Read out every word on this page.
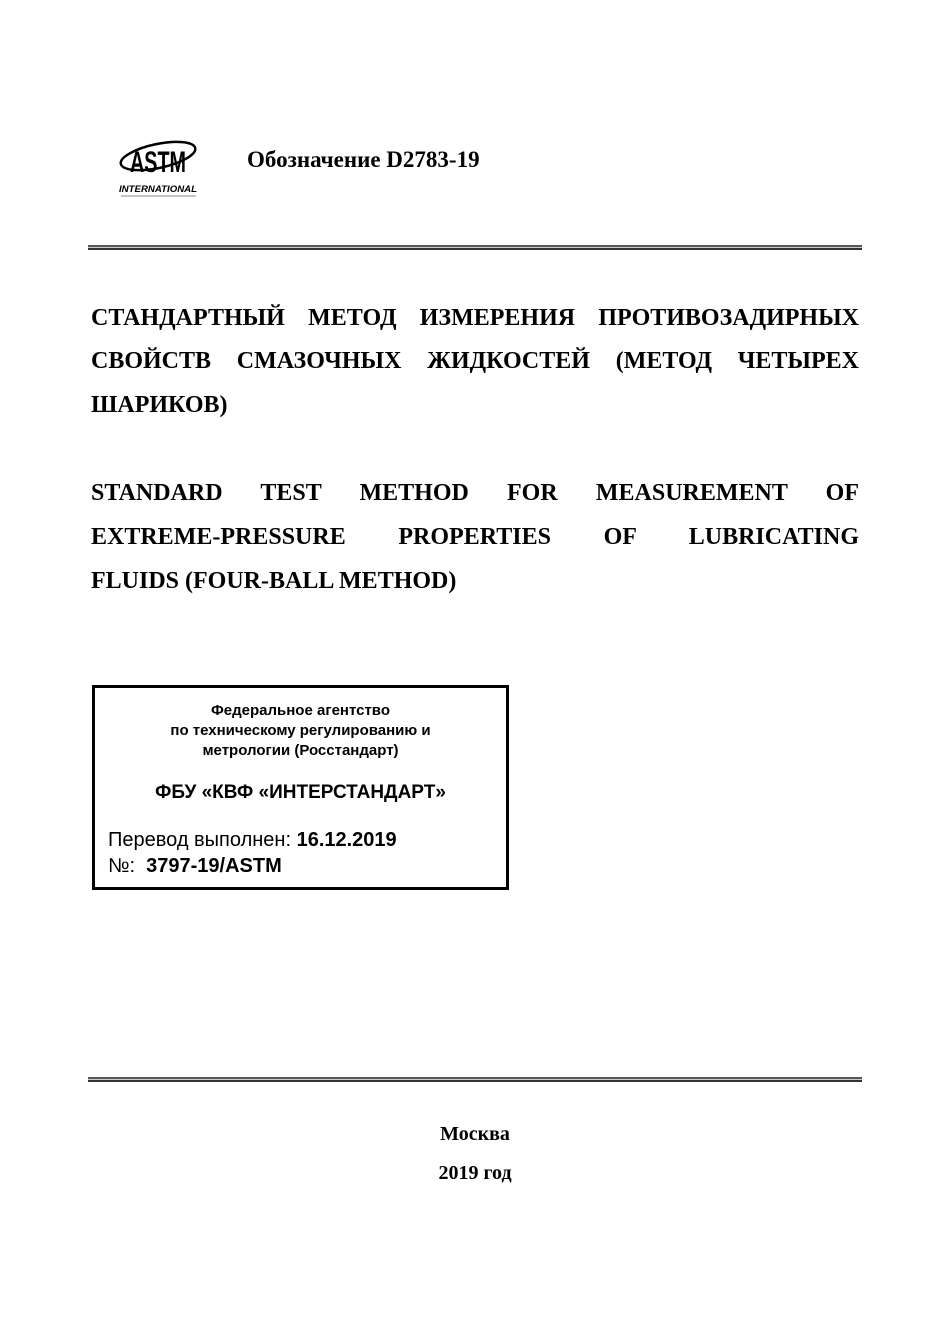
ASTM
INTERNATIONAL
Обозначение D2783-19
СТАНДАРТНЫЙ МЕТОД ИЗМЕРЕНИЯ ПРОТИВОЗАДИРНЫХ
СВОЙСТВ СМАЗОЧНЫХ ЖИДКОСТЕЙ (МЕТОД ЧЕТЫРЕХ
ШАРИКОВ)
STANDARD TEST METHOD FOR MEASUREMENT OF
EXTREME-PRESSURE PROPERTIES OF LUBRICATING
FLUIDS (FOUR-BALL METHOD)
Федеральное агентство
по техническому регулированию и
метрологии (Росстандарт)
ФБУ «КВФ «ИНТЕРСТАНДАРТ»
Перевод выполнен: 16.12.2019
№: 3797-19/ASTM
Москва
2019 год
